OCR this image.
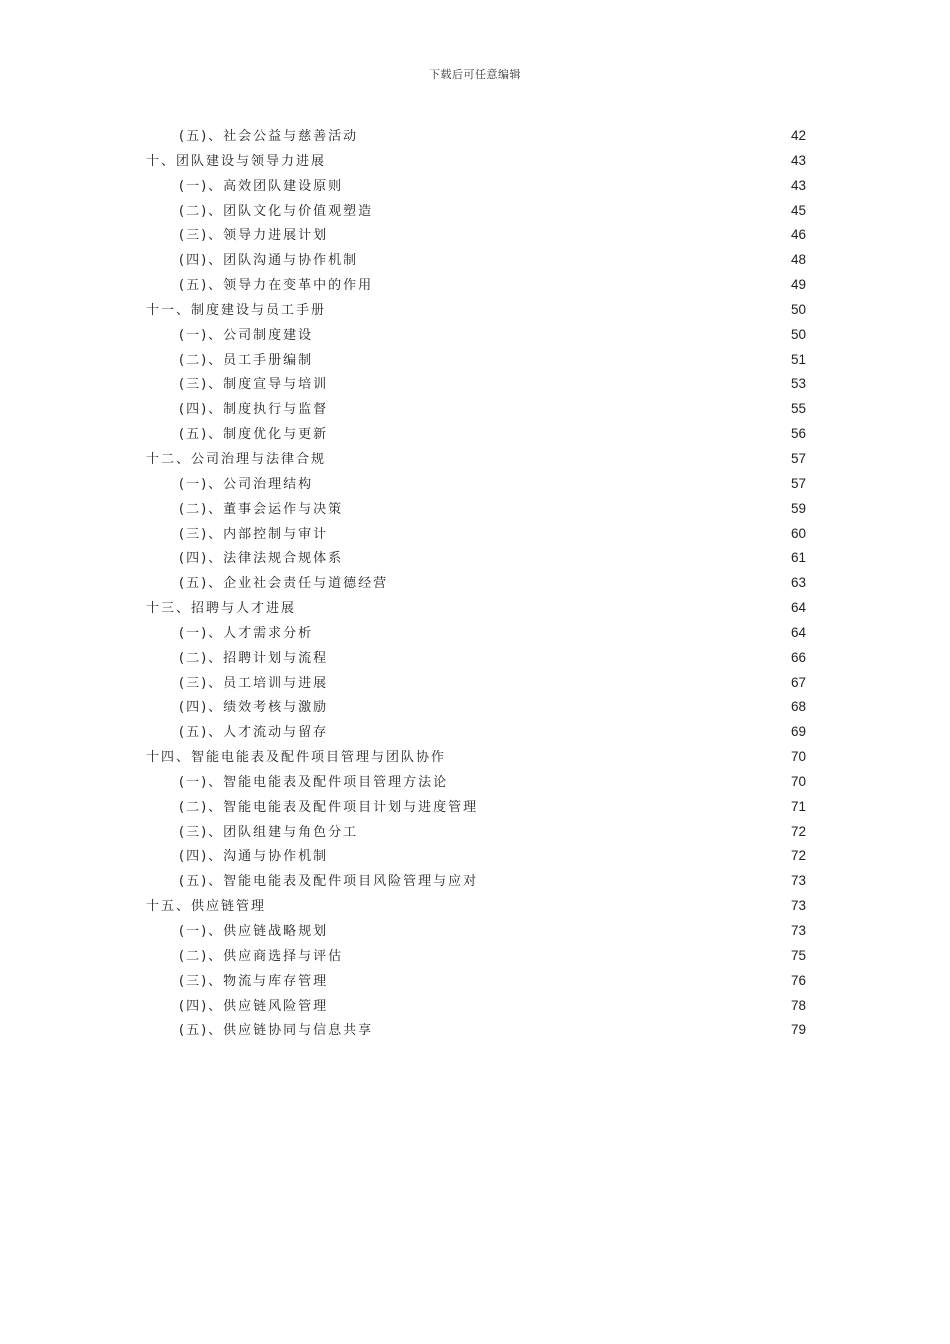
下载后可任意编辑
(五)、社会公益与慈善活动	42
十、团队建设与领导力进展	43
(一)、高效团队建设原则	43
(二)、团队文化与价值观塑造	45
(三)、领导力进展计划	46
(四)、团队沟通与协作机制	48
(五)、领导力在变革中的作用	49
十一、制度建设与员工手册	50
(一)、公司制度建设	50
(二)、员工手册编制	51
(三)、制度宣导与培训	53
(四)、制度执行与监督	55
(五)、制度优化与更新	56
十二、公司治理与法律合规	57
(一)、公司治理结构	57
(二)、董事会运作与决策	59
(三)、内部控制与审计	60
(四)、法律法规合规体系	61
(五)、企业社会责任与道德经营	63
十三、招聘与人才进展	64
(一)、人才需求分析	64
(二)、招聘计划与流程	66
(三)、员工培训与进展	67
(四)、绩效考核与激励	68
(五)、人才流动与留存	69
十四、智能电能表及配件项目管理与团队协作	70
(一)、智能电能表及配件项目管理方法论	70
(二)、智能电能表及配件项目计划与进度管理	71
(三)、团队组建与角色分工	72
(四)、沟通与协作机制	72
(五)、智能电能表及配件项目风险管理与应对	73
十五、供应链管理	73
(一)、供应链战略规划	73
(二)、供应商选择与评估	75
(三)、物流与库存管理	76
(四)、供应链风险管理	78
(五)、供应链协同与信息共享	79
